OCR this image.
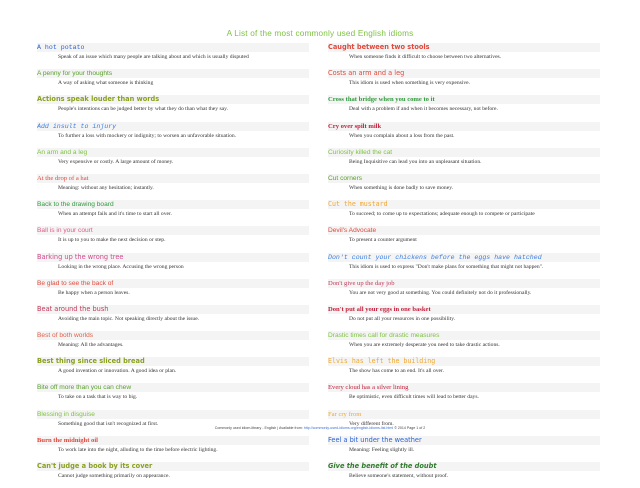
A List of the most commonly used English idioms
A hot potato
Speak of an issue which many people are talking about and which is usually disputed
A penny for your thoughts
A way of asking what someone is thinking
Actions speak louder than words
People's intentions can be judged better by what they do than what they say.
Add insult to injury
To further a loss with mockery or indignity; to worsen an unfavorable situation.
An arm and a leg
Very expensive or costly. A large amount of money.
At the drop of a hat
Meaning: without any hesitation; instantly.
Back to the drawing board
When an attempt fails and it's time to start all over.
Ball is in your court
It is up to you to make the next decision or step.
Barking up the wrong tree
Looking in the wrong place. Accusing the wrong person
Be glad to see the back of
Be happy when a person leaves.
Beat around the bush
Avoiding the main topic. Not speaking directly about the issue.
Best of both worlds
Meaning: All the advantages.
Best thing since sliced bread
A good invention or innovation. A good idea or plan.
Bite off more than you can chew
To take on a task that is way to big.
Blessing in disguise
Something good that isn't recognized at first.
Burn the midnight oil
To work late into the night, alluding to the time before electric lighting.
Can't judge a book by its cover
Cannot judge something primarily on appearance.
Caught between two stools
When someone finds it difficult to choose between two alternatives.
Costs an arm and a leg
This idiom is used when something is very expensive.
Cross that bridge when you come to it
Deal with a problem if and when it becomes necessary, not before.
Cry over spilt milk
When you complain about a loss from the past.
Curiosity killed the cat
Being Inquisitive can lead you into an unpleasant situation.
Cut corners
When something is done badly to save money.
Cut the mustard
To succeed; to come up to expectations; adequate enough to compete or participate
Devil's Advocate
To present a counter argument
Don't count your chickens before the eggs have hatched
This idiom is used to express "Don't make plans for something that might not happen".
Don't give up the day job
You are not very good at something. You could definitely not do it professionally.
Don't put all your eggs in one basket
Do not put all your resources in one possibility.
Drastic times call for drastic measures
When you are extremely desperate you need to take drastic actions.
Elvis has left the building
The show has come to an end. It's all over.
Every cloud has a silver lining
Be optimistic, even difficult times will lead to better days.
Far cry from
Very different from.
Feel a bit under the weather
Meaning: Feeling slightly ill.
Give the benefit of the doubt
Believe someone's statement, without proof.
Commonly used idiom-library - English | Available from: http://commonly-used-idioms.org/english-idioms-list.html © 2014 Page 1 of 2
